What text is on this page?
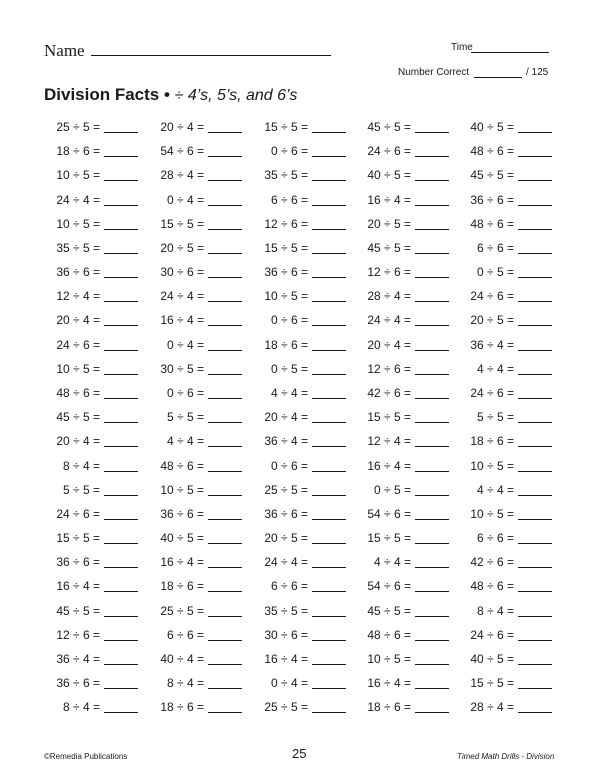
Name	Time
Number Correct	/ 125
Division Facts • ÷ 4’s, 5’s, and 6’s
25 ÷ 5 =	20 ÷ 4 =	15 ÷ 5 =	45 ÷ 5 =	40 ÷ 5 =
18 ÷ 6 =	54 ÷ 6 =	0 ÷ 6 =	24 ÷ 6 =	48 ÷ 6 =
10 ÷ 5 =	28 ÷ 4 =	35 ÷ 5 =	40 ÷ 5 =	45 ÷ 5 =
24 ÷ 4 =	0 ÷ 4 =	6 ÷ 6 =	16 ÷ 4 =	36 ÷ 6 =
10 ÷ 5 =	15 ÷ 5 =	12 ÷ 6 =	20 ÷ 5 =	48 ÷ 6 =
35 ÷ 5 =	20 ÷ 5 =	15 ÷ 5 =	45 ÷ 5 =	6 ÷ 6 =
36 ÷ 6 =	30 ÷ 6 =	36 ÷ 6 =	12 ÷ 6 =	0 ÷ 5 =
12 ÷ 4 =	24 ÷ 4 =	10 ÷ 5 =	28 ÷ 4 =	24 ÷ 6 =
20 ÷ 4 =	16 ÷ 4 =	0 ÷ 6 =	24 ÷ 4 =	20 ÷ 5 =
24 ÷ 6 =	0 ÷ 4 =	18 ÷ 6 =	20 ÷ 4 =	36 ÷ 4 =
10 ÷ 5 =	30 ÷ 5 =	0 ÷ 5 =	12 ÷ 6 =	4 ÷ 4 =
48 ÷ 6 =	0 ÷ 6 =	4 ÷ 4 =	42 ÷ 6 =	24 ÷ 6 =
45 ÷ 5 =	5 ÷ 5 =	20 ÷ 4 =	15 ÷ 5 =	5 ÷ 5 =
20 ÷ 4 =	4 ÷ 4 =	36 ÷ 4 =	12 ÷ 4 =	18 ÷ 6 =
8 ÷ 4 =	48 ÷ 6 =	0 ÷ 6 =	16 ÷ 4 =	10 ÷ 5 =
5 ÷ 5 =	10 ÷ 5 =	25 ÷ 5 =	0 ÷ 5 =	4 ÷ 4 =
24 ÷ 6 =	36 ÷ 6 =	36 ÷ 6 =	54 ÷ 6 =	10 ÷ 5 =
15 ÷ 5 =	40 ÷ 5 =	20 ÷ 5 =	15 ÷ 5 =	6 ÷ 6 =
36 ÷ 6 =	16 ÷ 4 =	24 ÷ 4 =	4 ÷ 4 =	42 ÷ 6 =
16 ÷ 4 =	18 ÷ 6 =	6 ÷ 6 =	54 ÷ 6 =	48 ÷ 6 =
45 ÷ 5 =	25 ÷ 5 =	35 ÷ 5 =	45 ÷ 5 =	8 ÷ 4 =
12 ÷ 6 =	6 ÷ 6 =	30 ÷ 6 =	48 ÷ 6 =	24 ÷ 6 =
36 ÷ 4 =	40 ÷ 4 =	16 ÷ 4 =	10 ÷ 5 =	40 ÷ 5 =
36 ÷ 6 =	8 ÷ 4 =	0 ÷ 4 =	16 ÷ 4 =	15 ÷ 5 =
8 ÷ 4 =	18 ÷ 6 =	25 ÷ 5 =	18 ÷ 6 =	28 ÷ 4 =
©Remedia Publications	25	Timed Math Drills - Division
